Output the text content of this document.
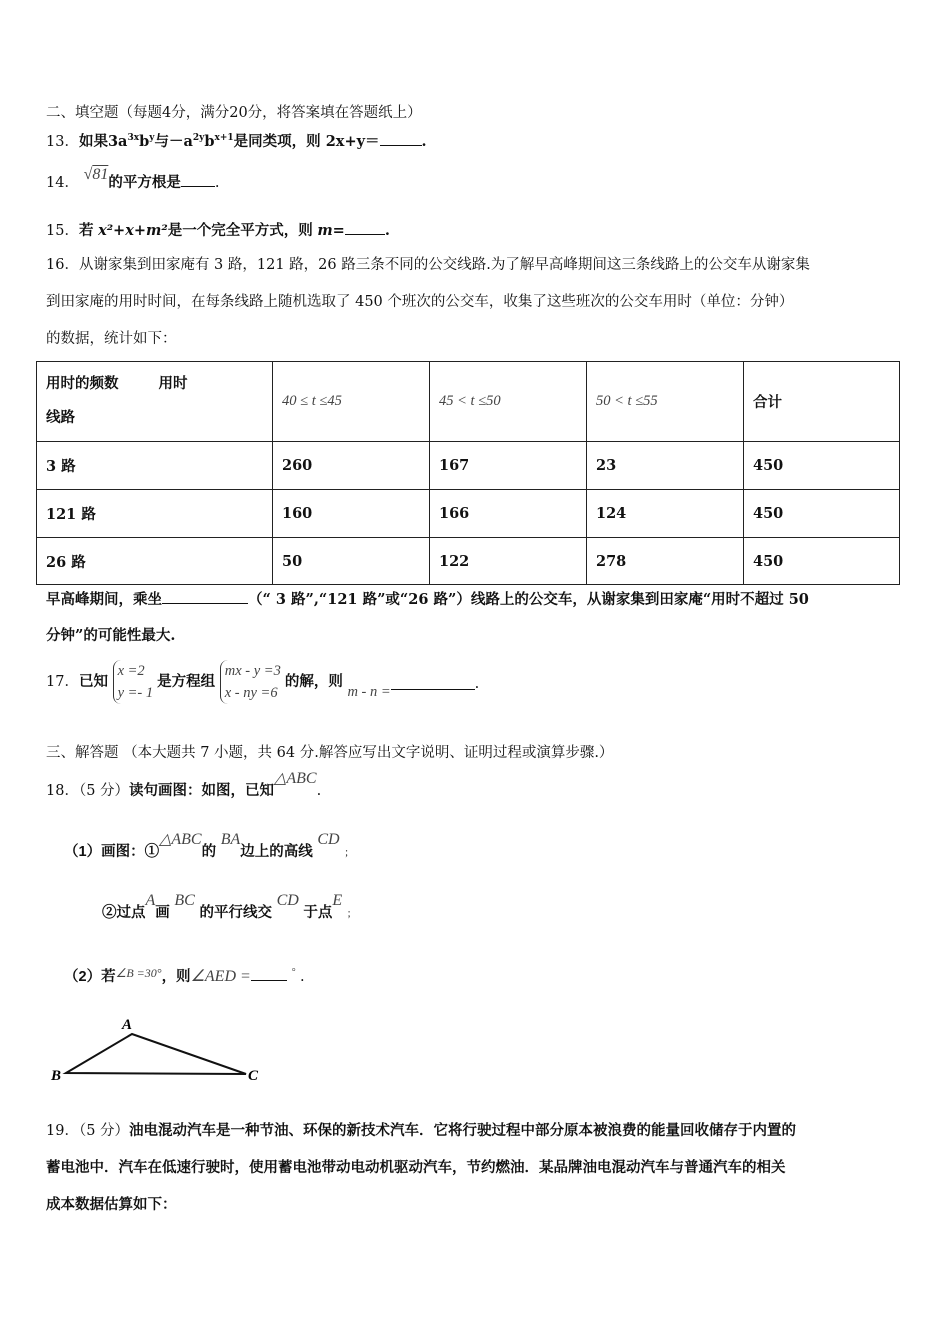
二、填空题（每题4分，满分20分，将答案填在答题纸上）
13．如果$3a^{3x}b^y$与$-a^{2y}b^{x+1}$是同类项，则 2x+y＝	.
14． √81的平方根是 .
15．若 x²+x+m²是一个完全平方式，则 m=	.
16．从谢家集到田家庵有 3 路，121 路，26 路三条不同的公交线路.为了解早高峰期间这三条线路上的公交车从谢家集
到田家庵的用时时间，在每条线路上随机选取了 450 个班次的公交车，收集了这些班次的公交车用时（单位：分钟）
的数据，统计如下：
用时的频数 用时
线路	40 ≤ t ≤45	45 < t ≤50	50 < t ≤55	合计
3 路	260	167	23	450
121 路	160	166	124	450
26 路	50	122	278	450
早高峰期间，乘坐	（“ 3 路”,“121 路”或“26 路”）线路上的公交车，从谢家集到田家庵“用时不超过 50
分钟”的可能性最大.
17．已知 x =2
y =- 1是方程组 mx - y =3
x - ny =6的解，则 m - n =	.
三、解答题 （本大题共 7 小题，共 64 分.解答应写出文字说明、证明过程或演算步骤.）
18．（5 分）读句画图：如图，已知△ABC.
（1）画图：①△ABC的 BA边上的高线 CD ；
②过点A画 BC 的平行线交 CD 于点E ；
（2）若$^{\angle B =30^\circ}$，则∠AED =	° .
A
B	C
19．（5 分）油电混动汽车是一种节油、环保的新技术汽车．它将行驶过程中部分原本被浪费的能量回收储存于内置的
蓄电池中．汽车在低速行驶时，使用蓄电池带动电动机驱动汽车，节约燃油．某品牌油电混动汽车与普通汽车的相关
成本数据估算如下：
